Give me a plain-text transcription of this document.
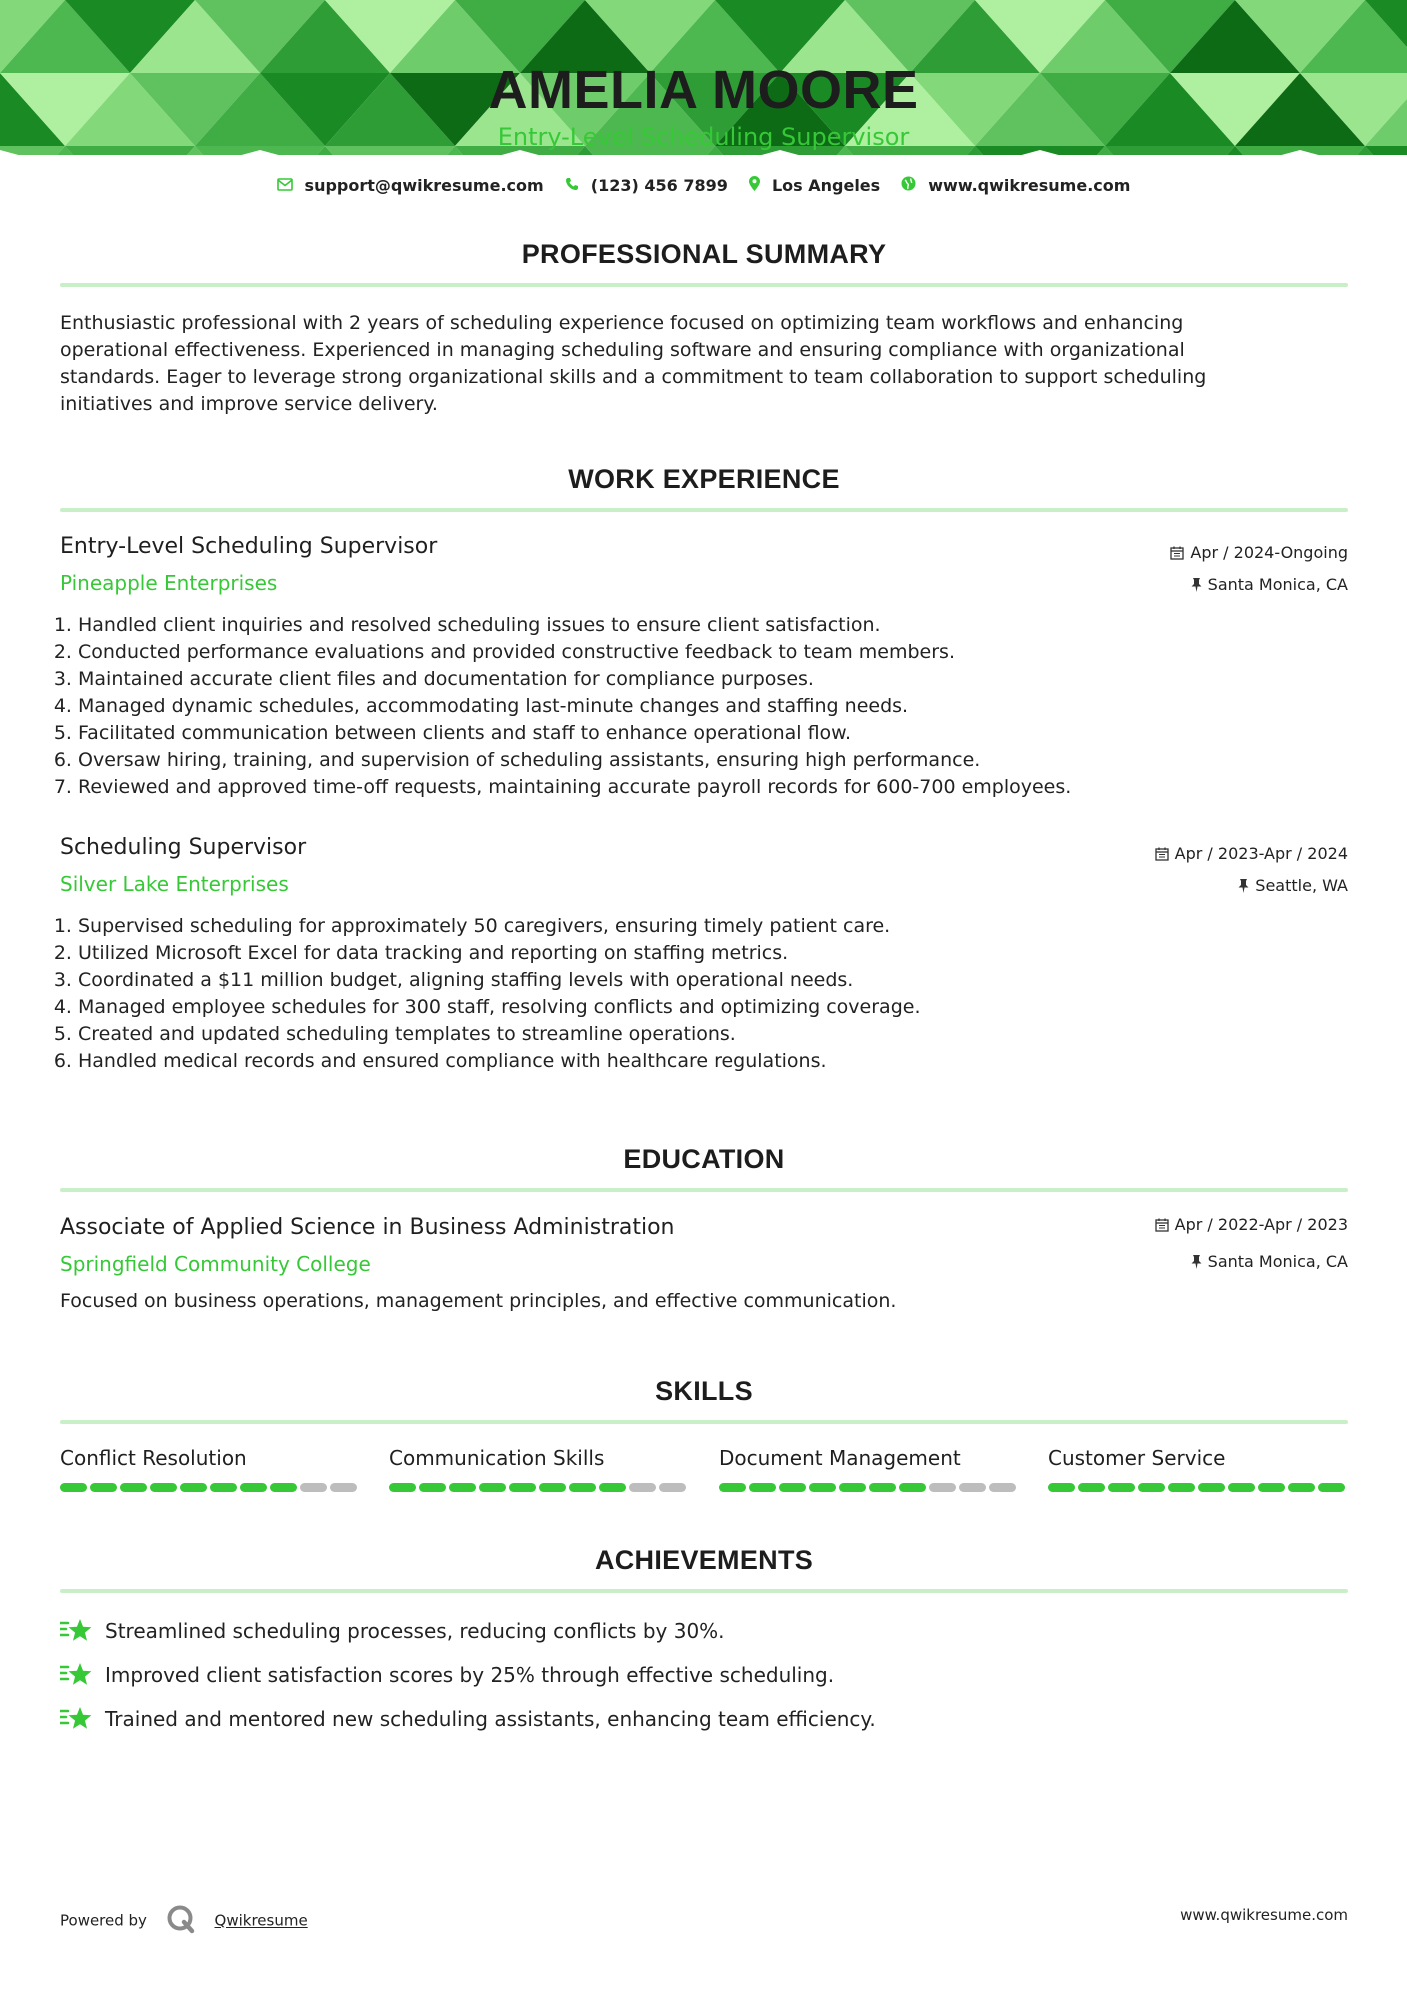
AMELIA MOORE
Entry-Level Scheduling Supervisor
support@qwikresume.com	(123) 456 7899	Los Angeles	www.qwikresume.com
PROFESSIONAL SUMMARY
Enthusiastic professional with 2 years of scheduling experience focused on optimizing team workflows and enhancing operational effectiveness. Experienced in managing scheduling software and ensuring compliance with organizational standards. Eager to leverage strong organizational skills and a commitment to team collaboration to support scheduling initiatives and improve service delivery.
WORK EXPERIENCE
Entry-Level Scheduling Supervisor
Pineapple Enterprises
Apr / 2024-Ongoing
Santa Monica, CA
1. Handled client inquiries and resolved scheduling issues to ensure client satisfaction.
2. Conducted performance evaluations and provided constructive feedback to team members.
3. Maintained accurate client files and documentation for compliance purposes.
4. Managed dynamic schedules, accommodating last-minute changes and staffing needs.
5. Facilitated communication between clients and staff to enhance operational flow.
6. Oversaw hiring, training, and supervision of scheduling assistants, ensuring high performance.
7. Reviewed and approved time-off requests, maintaining accurate payroll records for 600-700 employees.
Scheduling Supervisor
Silver Lake Enterprises
Apr / 2023-Apr / 2024
Seattle, WA
1. Supervised scheduling for approximately 50 caregivers, ensuring timely patient care.
2. Utilized Microsoft Excel for data tracking and reporting on staffing metrics.
3. Coordinated a $11 million budget, aligning staffing levels with operational needs.
4. Managed employee schedules for 300 staff, resolving conflicts and optimizing coverage.
5. Created and updated scheduling templates to streamline operations.
6. Handled medical records and ensured compliance with healthcare regulations.
EDUCATION
Associate of Applied Science in Business Administration
Springfield Community College
Apr / 2022-Apr / 2023
Santa Monica, CA
Focused on business operations, management principles, and effective communication.
SKILLS
Conflict Resolution	Communication Skills	Document Management	Customer Service
ACHIEVEMENTS
Streamlined scheduling processes, reducing conflicts by 30%.
Improved client satisfaction scores by 25% through effective scheduling.
Trained and mentored new scheduling assistants, enhancing team efficiency.
Powered by	Qwikresume	www.qwikresume.com
